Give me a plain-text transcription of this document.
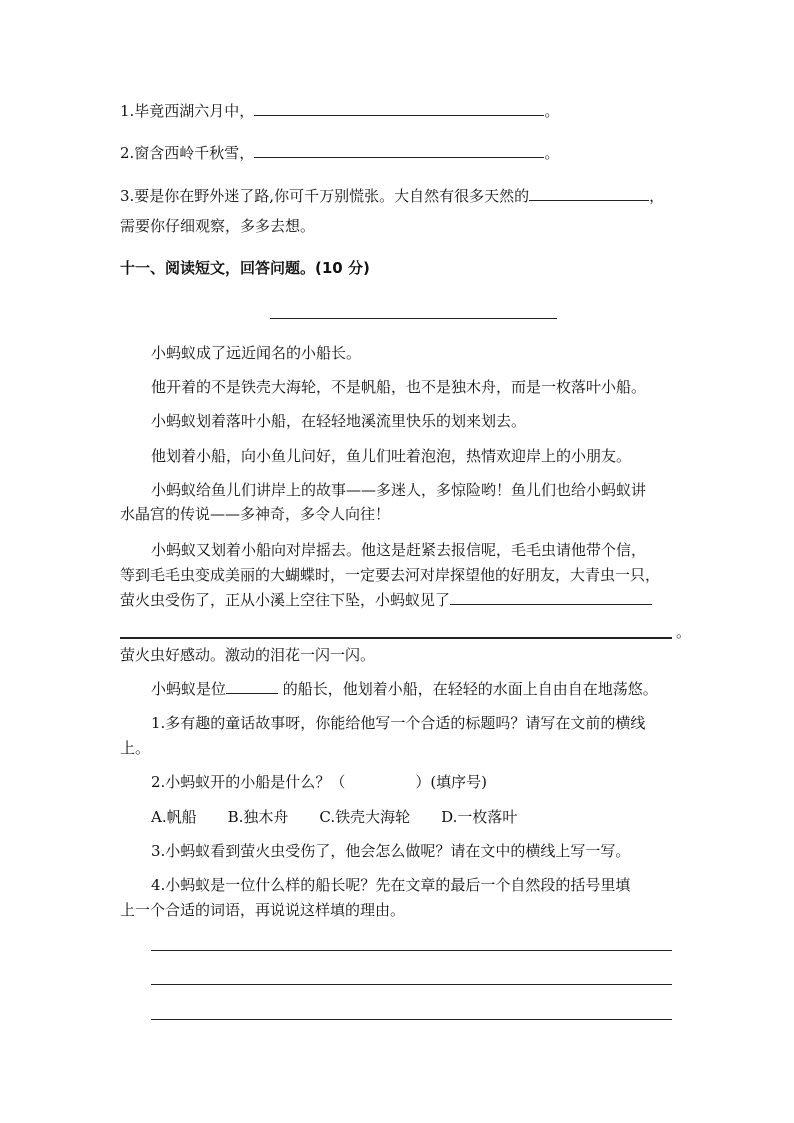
1.毕竟西湖六月中，	。
2.窗含西岭千秋雪，	。
3.要是你在野外迷了路,你可千万别慌张。大自然有很多天然的	，
需要你仔细观察，多多去想。
十一、阅读短文，回答问题。(10 分)
小蚂蚁成了远近闻名的小船长。
他开着的不是铁壳大海轮，不是帆船，也不是独木舟，而是一枚落叶小船。
小蚂蚁划着落叶小船，在轻轻地溪流里快乐的划来划去。
他划着小船，向小鱼儿问好，鱼儿们吐着泡泡，热情欢迎岸上的小朋友。
小蚂蚁给鱼儿们讲岸上的故事——多迷人，多惊险哟！鱼儿们也给小蚂蚁讲
水晶宫的传说——多神奇，多令人向往！
小蚂蚁又划着小船向对岸摇去。他这是赶紧去报信呢，毛毛虫请他带个信，
等到毛毛虫变成美丽的大蝴蝶时，一定要去河对岸探望他的好朋友，大青虫一只，
萤火虫受伤了，正从小溪上空往下坠，小蚂蚁见了
。
萤火虫好感动。激动的泪花一闪一闪。
小蚂蚁是位	的船长，他划着小船，在轻轻的水面上自由自在地荡悠。
1.多有趣的童话故事呀，你能给他写一个合适的标题吗？请写在文前的横线
上。
2.小蚂蚁开的小船是什么？（	）(填序号)
A.帆船 B.独木舟 C.铁壳大海轮 D.一枚落叶
3.小蚂蚁看到萤火虫受伤了，他会怎么做呢？请在文中的横线上写一写。
4.小蚂蚁是一位什么样的船长呢？先在文章的最后一个自然段的括号里填
上一个合适的词语，再说说这样填的理由。
